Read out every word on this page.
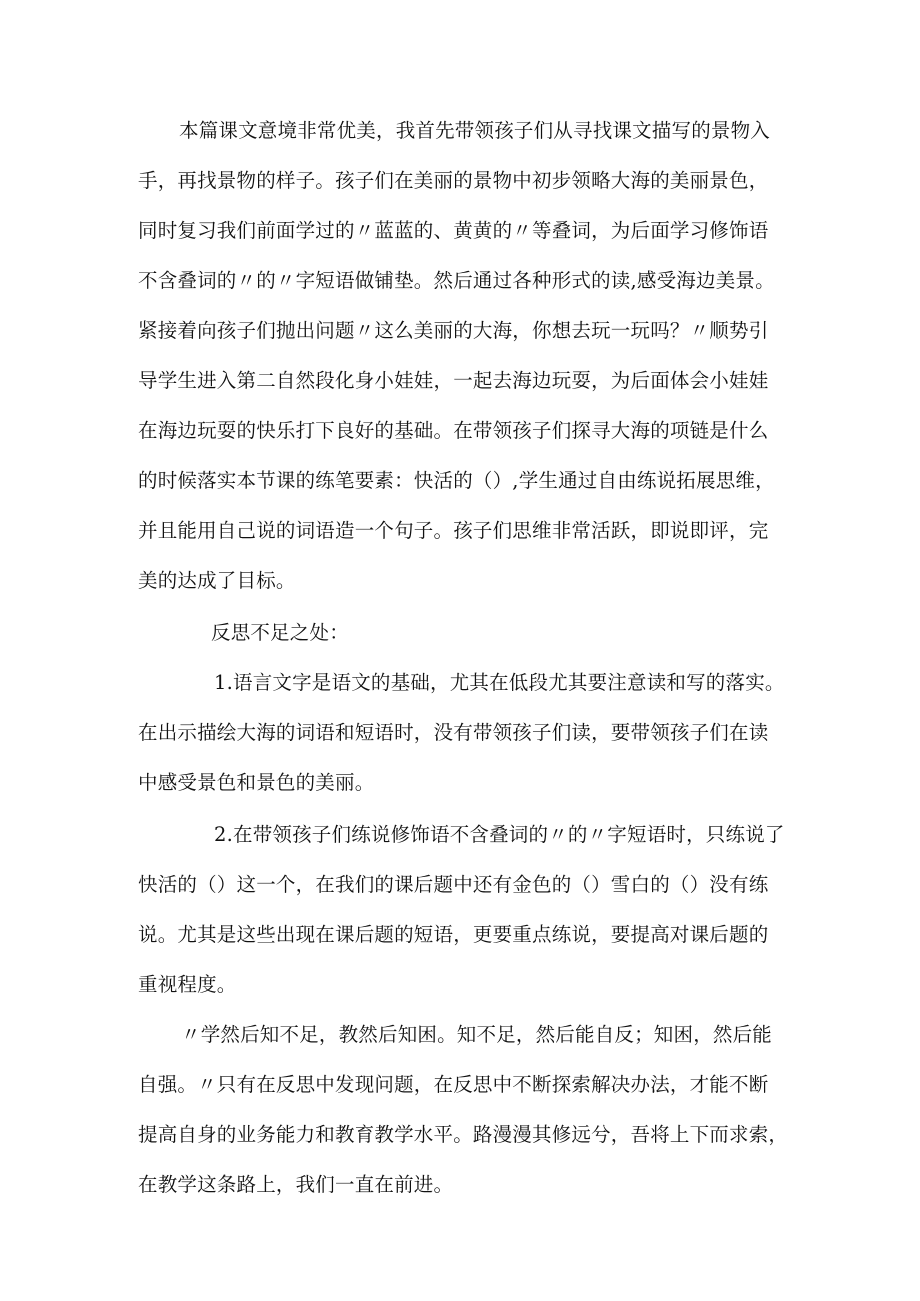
本篇课文意境非常优美，我首先带领孩子们从寻找课文描写的景物入
手，再找景物的样子。孩子们在美丽的景物中初步领略大海的美丽景色，
同时复习我们前面学过的〃蓝蓝的、黄黄的〃等叠词，为后面学习修饰语
不含叠词的〃的〃字短语做铺垫。然后通过各种形式的读,感受海边美景。
紧接着向孩子们抛出问题〃这么美丽的大海，你想去玩一玩吗？〃顺势引
导学生进入第二自然段化身小娃娃，一起去海边玩耍，为后面体会小娃娃
在海边玩耍的快乐打下良好的基础。在带领孩子们探寻大海的项链是什么
的时候落实本节课的练笔要素：快活的（）,学生通过自由练说拓展思维，
并且能用自己说的词语造一个句子。孩子们思维非常活跃，即说即评，完
美的达成了目标。
反思不足之处：
1.语言文字是语文的基础，尤其在低段尤其要注意读和写的落实。
在出示描绘大海的词语和短语时，没有带领孩子们读，要带领孩子们在读
中感受景色和景色的美丽。
2.在带领孩子们练说修饰语不含叠词的〃的〃字短语时，只练说了
快活的（）这一个，在我们的课后题中还有金色的（）雪白的（）没有练
说。尤其是这些出现在课后题的短语，更要重点练说，要提高对课后题的
重视程度。
〃学然后知不足，教然后知困。知不足，然后能自反；知困，然后能
自强。〃只有在反思中发现问题，在反思中不断探索解决办法，才能不断
提高自身的业务能力和教育教学水平。路漫漫其修远兮，吾将上下而求索，
在教学这条路上，我们一直在前进。
